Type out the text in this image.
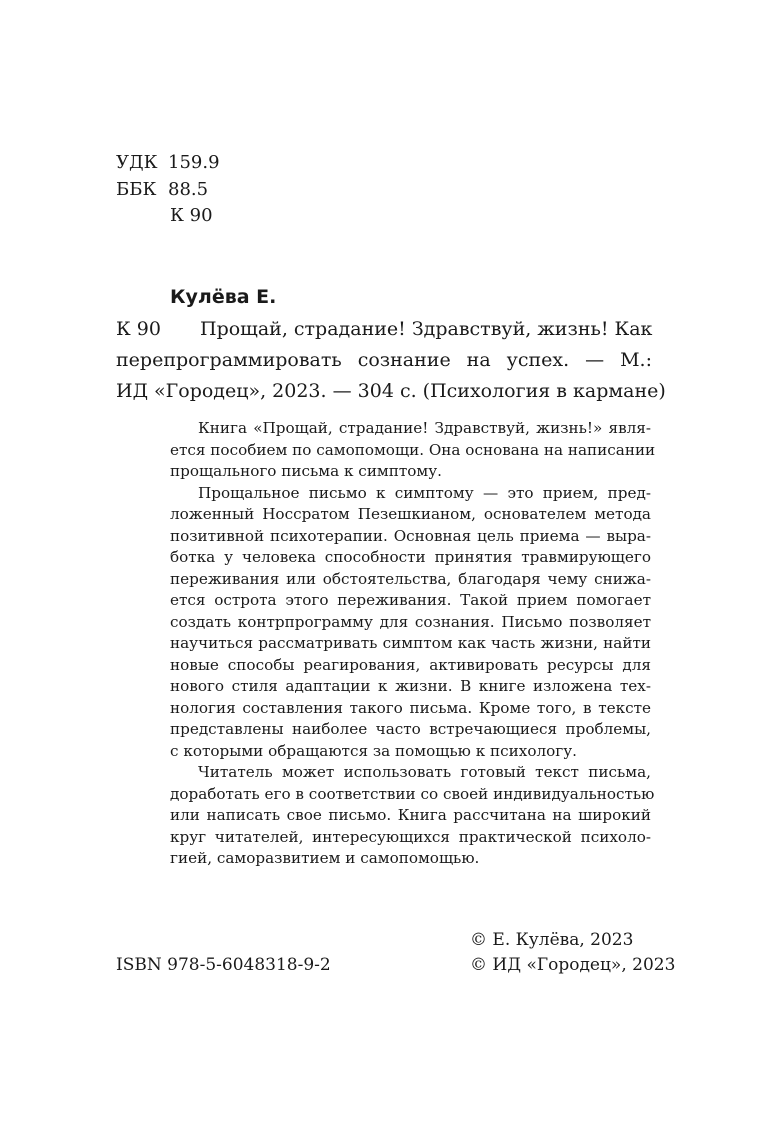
УДК 159.9
ББК 88.5
К 90
Кулёва Е.
К 90 Прощай, страдание! Здравствуй, жизнь! Как
перепрограммировать сознание на успех. — М.:
ИД «Городец», 2023. — 304 с. (Психология в кармане)
Книга «Прощай, страдание! Здравствуй, жизнь!» явля-
ется пособием по самопомощи. Она основана на написании
прощального письма к симптому.
Прощальное письмо к симптому — это прием, пред-
ложенный Носсратом Пезешкианом, основателем метода
позитивной психотерапии. Основная цель приема — выра-
ботка у человека способности принятия травмирующего
переживания или обстоятельства, благодаря чему снижа-
ется острота этого переживания. Такой прием помогает
создать контрпрограмму для сознания. Письмо позволяет
научиться рассматривать симптом как часть жизни, найти
новые способы реагирования, активировать ресурсы для
нового стиля адаптации к жизни. В книге изложена тех-
нология составления такого письма. Кроме того, в тексте
представлены наиболее часто встречающиеся проблемы,
с которыми обращаются за помощью к психологу.
Читатель может использовать готовый текст письма,
доработать его в соответствии со своей индивидуальностью
или написать свое письмо. Книга рассчитана на широкий
круг читателей, интересующихся практической психоло-
гией, саморазвитием и самопомощью.
© Е. Кулёва, 2023
ISBN 978-5-6048318-9-2	© ИД «Городец», 2023
